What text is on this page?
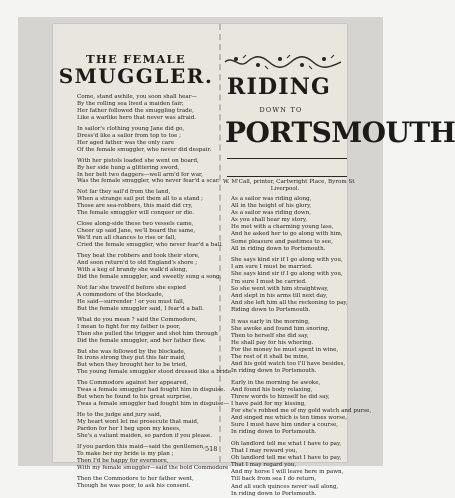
THE FEMALE
SMUGGLER.
Come, stand awhile, you soon shall hear—
By the rolling sea lived a maiden fair;
Her father followed the smuggling trade,
Like a warlike hero that never was afraid.
In sailor's clothing young Jane did go,
Dress'd like a sailor from top to toe ;
Her aged father was the only care
Of the female smuggler, who never did despair.
With her pistols loaded she went on board,
By her side hung a glittering sword,
In her belt two daggers—well arm'd for war,
Was the female smuggler, who never fear'd a scar.
Not far they sail'd from the land,
When a strange sail put them all to a stand ;
Those are sea-robbers, this maid did cry,
The female smuggler will conquer or die.
Close along-side these two vessels came,
Cheer up said Jane, we'll board the same,
We'll run all chances to rise or fall,
Cried the female smuggler, who never fear'd a ball.
They beat the robbers and took their store,
And soon return'd to old England's shore ;
With a keg of brandy she walk'd along,
Did the female smuggler, and sweetly sung a song.
Not far she travell'd before she espied
A commodore of the blockade,
He said—surrender ! or you must fall,
But the female smuggler said, I fear'd a ball.
What do you mean ? said the Commodore,
I mean to fight for my father is poor,
Then she pulled the trigger and shot him through
Did the female smuggler, and her father flew.
But she was followed by the blockade,
In irons strong they put this fair maid,
But when they brought her to be tried,
The young female smuggler stood dressed like a bride
The Commodore against her appeared,
Twas a female smuggler had fought him in disguise.
But when he found to his great surprise,
Twas a female smuggler had fought him in disguise—
He to the judge and jury said,
My heart wont let me prosecute that maid,
Pardon for her I beg upon my knees,
She's a valiant maiden, so pardon if you please.
If you pardon this maid—said the gentlemen,
To make her my bride is my plan ;
Then I'd be happy for evermore,
With my female smuggler—said the bold Commodore
Then the Commodore to her father went,
Though he was poor, to ask his consent.
518
RIDING
DOWN TO
PORTSMOUTH
W. M'Call, printer, Cartwright Place, Byrom St
Liverpool.
As a sailor was riding along,
All in the height of his glory,
As a sailor was riding down,
As you shall hear my story,
He met with a charming young lass,
And he asked her to go along with him,
Some pleasure and pastimes to see,
All in riding down to Portsmouth.
She says kind sir if I go along with you,
I am sure I must be married.
She says kind sir if I go along with you,
I'm sure I must be carried.
So she went with him straightway,
And slept in his arms till next day,
And she left him all the reckoning to pay,
Riding down to Portsmouth.
It was early in the morning,
She awoke and found him snoring,
Then to herself she did say,
He shall pay for his whoring.
For the money he must spent in wine,
The rest of it shall be mine,
And his gold watch too I'll have besides,
In riding down to Portsmouth.
Early in the morning he awoke,
And found his body relaxing,
Threw words to himself he did say,
I have paid for my kissing,
For she's robbed me of my gold watch and purse,
And singed me which is ten times worse,
Sure I must have him under a course,
In riding down to Portsmouth.
Oh landlord tell me what I have to pay,
That I may reward you,
Oh landlord tell me what I have to pay,
That I may regard you,
And my horse I will leave here in pawn,
Till back from sea I do return,
And all such quinces never sail along,
In riding down to Portsmouth.
